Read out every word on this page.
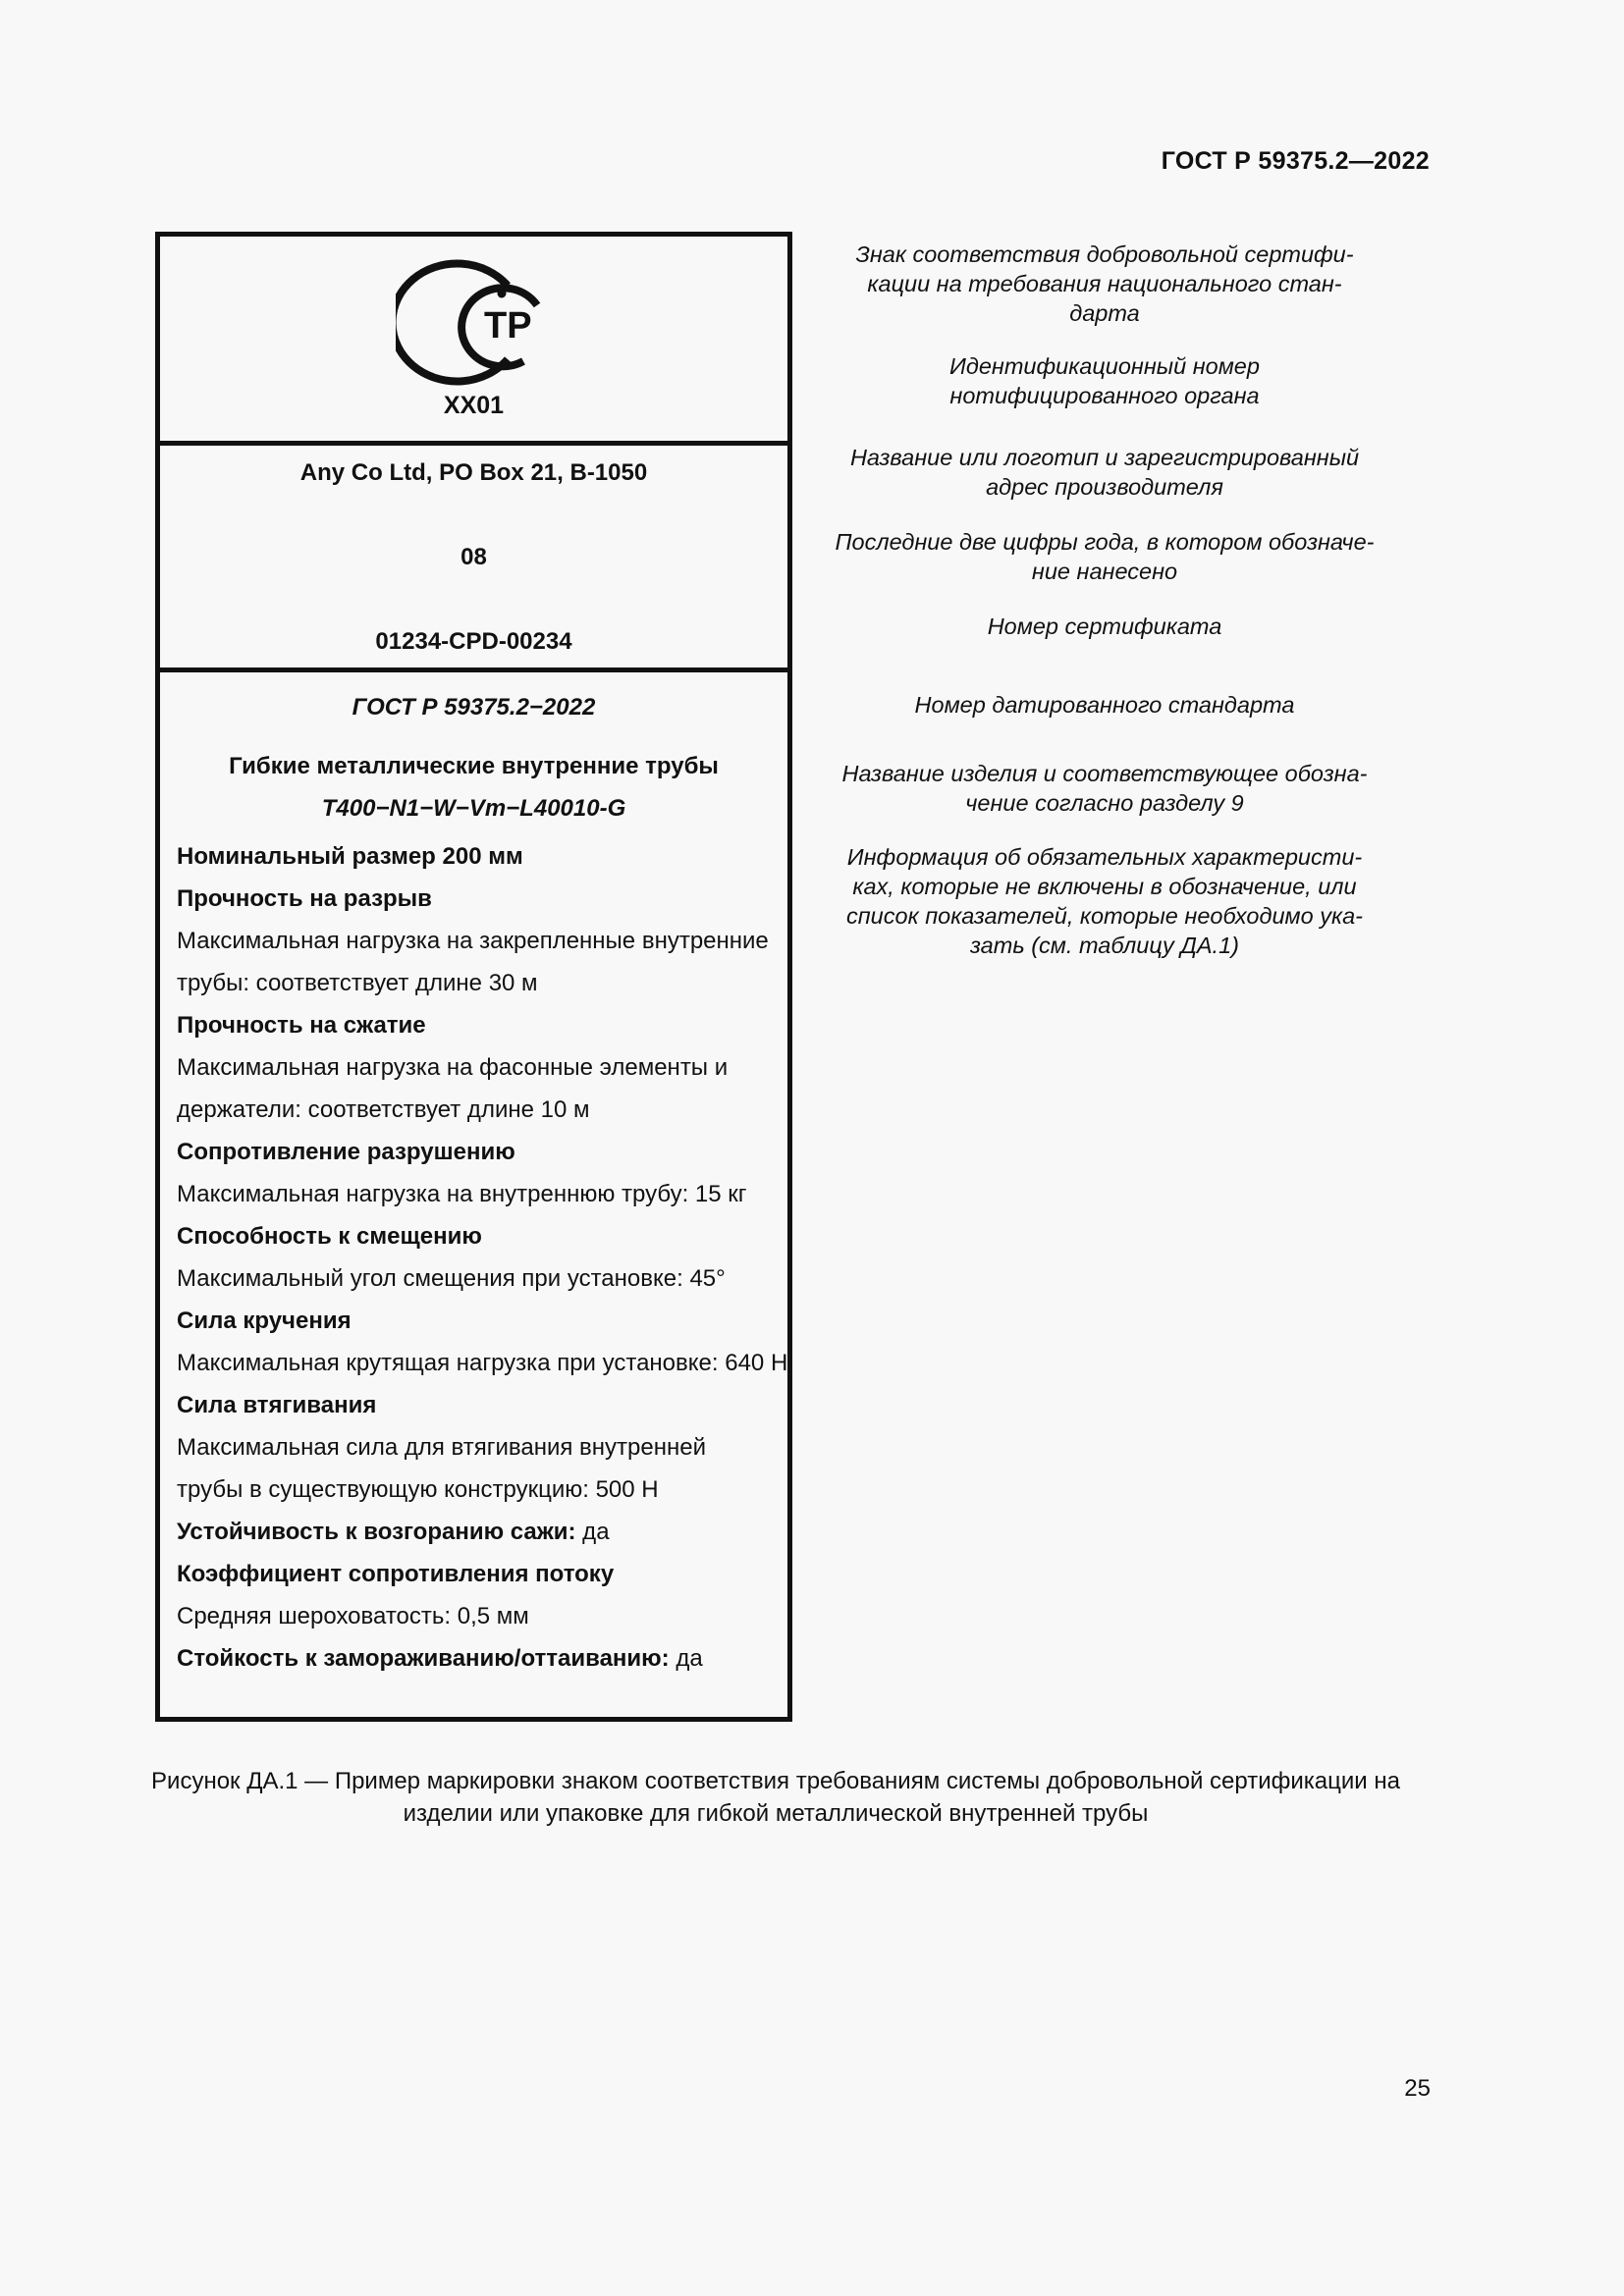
ГОСТ Р 59375.2—2022
ТР
XX01
Any Co Ltd, PO Box 21, B-1050
08
01234-CPD-00234
ГОСТ Р 59375.2−2022
Гибкие металлические внутренние трубы
T400−N1−W−Vm−L40010-G
Номинальный размер 200 мм
Прочность на разрыв
Максимальная нагрузка на закрепленные внутренние
трубы: соответствует длине 30 м
Прочность на сжатие
Максимальная нагрузка на фасонные элементы и
держатели: соответствует длине 10 м
Сопротивление разрушению
Максимальная нагрузка на внутреннюю трубу: 15 кг
Способность к смещению
Максимальный угол смещения при установке: 45°
Сила кручения
Максимальная крутящая нагрузка при установке: 640 Н
Сила втягивания
Максимальная сила для втягивания внутренней
трубы в существующую конструкцию: 500 Н
Устойчивость к возгоранию сажи: да
Коэффициент сопротивления потоку
Средняя шероховатость: 0,5 мм
Стойкость к замораживанию/оттаиванию: да
Знак соответствия добровольной сертифи-
кации на требования национального стан-
дарта
Идентификационный номер
нотифицированного органа
Название или логотип и зарегистрированный
адрес производителя
Последние две цифры года, в котором обозначе-
ние нанесено
Номер сертификата
Номер датированного стандарта
Название изделия и соответствующее обозна-
чение согласно разделу 9
Информация об обязательных характеристи-
ках, которые не включены в обозначение, или
список показателей, которые необходимо ука-
зать (см. таблицу ДА.1)
Рисунок ДА.1 — Пример маркировки знаком соответствия требованиям системы добровольной сертификации на
изделии или упаковке для гибкой металлической внутренней трубы
25
